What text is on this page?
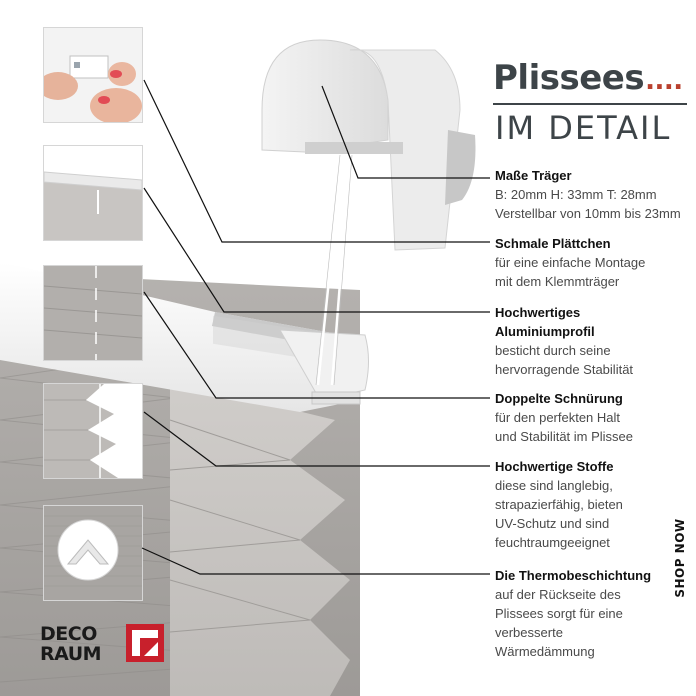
Plissees....
IM DETAIL
Maße Träger
B: 20mm H: 33mm T: 28mm
Verstellbar von 10mm bis 23mm
Schmale Plättchen
für eine einfache Montage
mit dem Klemmträger
Hochwertiges
Aluminiumprofil
besticht durch seine
hervorragende Stabilität
Doppelte Schnürung
für den perfekten Halt
und Stabilität im Plissee
Hochwertige Stoffe
diese sind langlebig,
strapazierfähig, bieten
UV-Schutz und sind
feuchtraumgeeignet
Die Thermobeschichtung
auf der Rückseite des
Plissees sorgt für eine
verbesserte
Wärmedämmung
SHOP NOW
DECO
RAUM
